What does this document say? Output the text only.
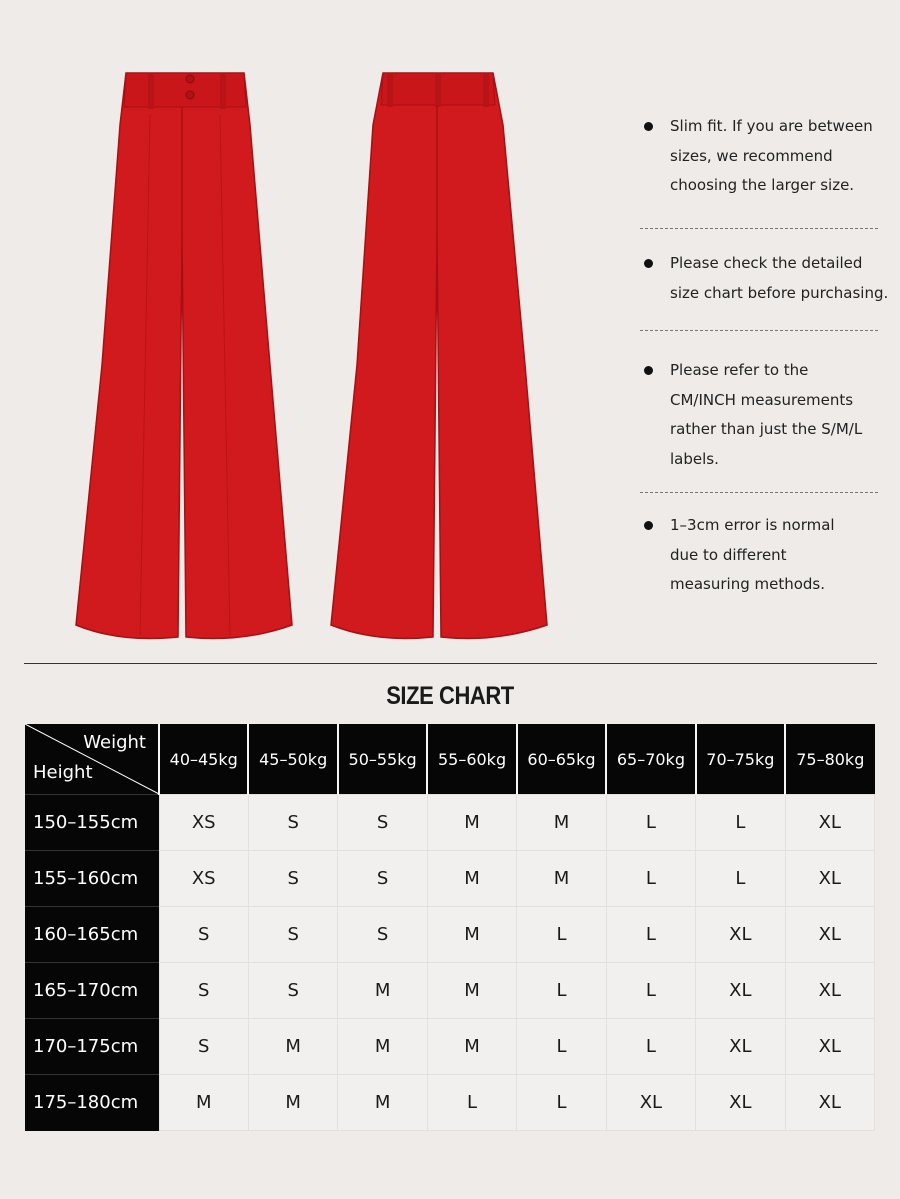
Slim fit. If you are between
sizes, we recommend
choosing the larger size.
Please check the detailed
size chart before purchasing.
Please refer to the
CM/INCH measurements
rather than just the S/M/L
labels.
1–3cm error is normal
due to different
measuring methods.
SIZE CHART
Weight
Height	40–45kg	45–50kg	50–55kg	55–60kg	60–65kg	65–70kg	70–75kg	75–80kg
150–155cm	XS	S	S	M	M	L	L	XL
155–160cm	XS	S	S	M	M	L	L	XL
160–165cm	S	S	S	M	L	L	XL	XL
165–170cm	S	S	M	M	L	L	XL	XL
170–175cm	S	M	M	M	L	L	XL	XL
175–180cm	M	M	M	L	L	XL	XL	XL
